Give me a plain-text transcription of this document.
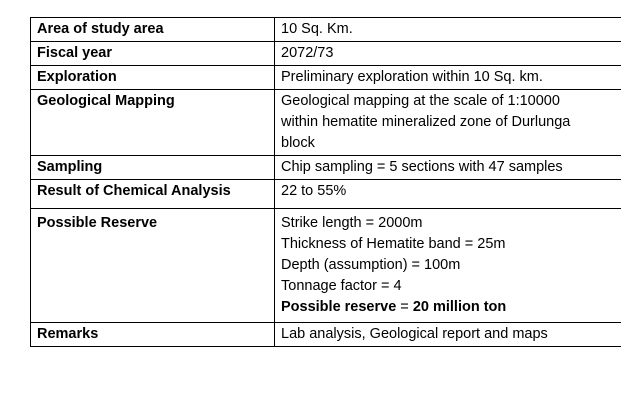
Area of study area	10 Sq. Km.
Fiscal year	2072/73
Exploration	Preliminary exploration within 10 Sq. km.
Geological Mapping	Geological mapping at the scale of 1:10000
within hematite mineralized zone of Durlunga
block

Sampling	Chip sampling = 5 sections with 47 samples
Result of Chemical Analysis	22 to 55%
Possible Reserve	Strike length = 2000m
Thickness of Hematite band = 25m
Depth (assumption) = 100m
Tonnage factor = 4
Possible reserve = 20 million ton

Remarks	Lab analysis, Geological report and maps
